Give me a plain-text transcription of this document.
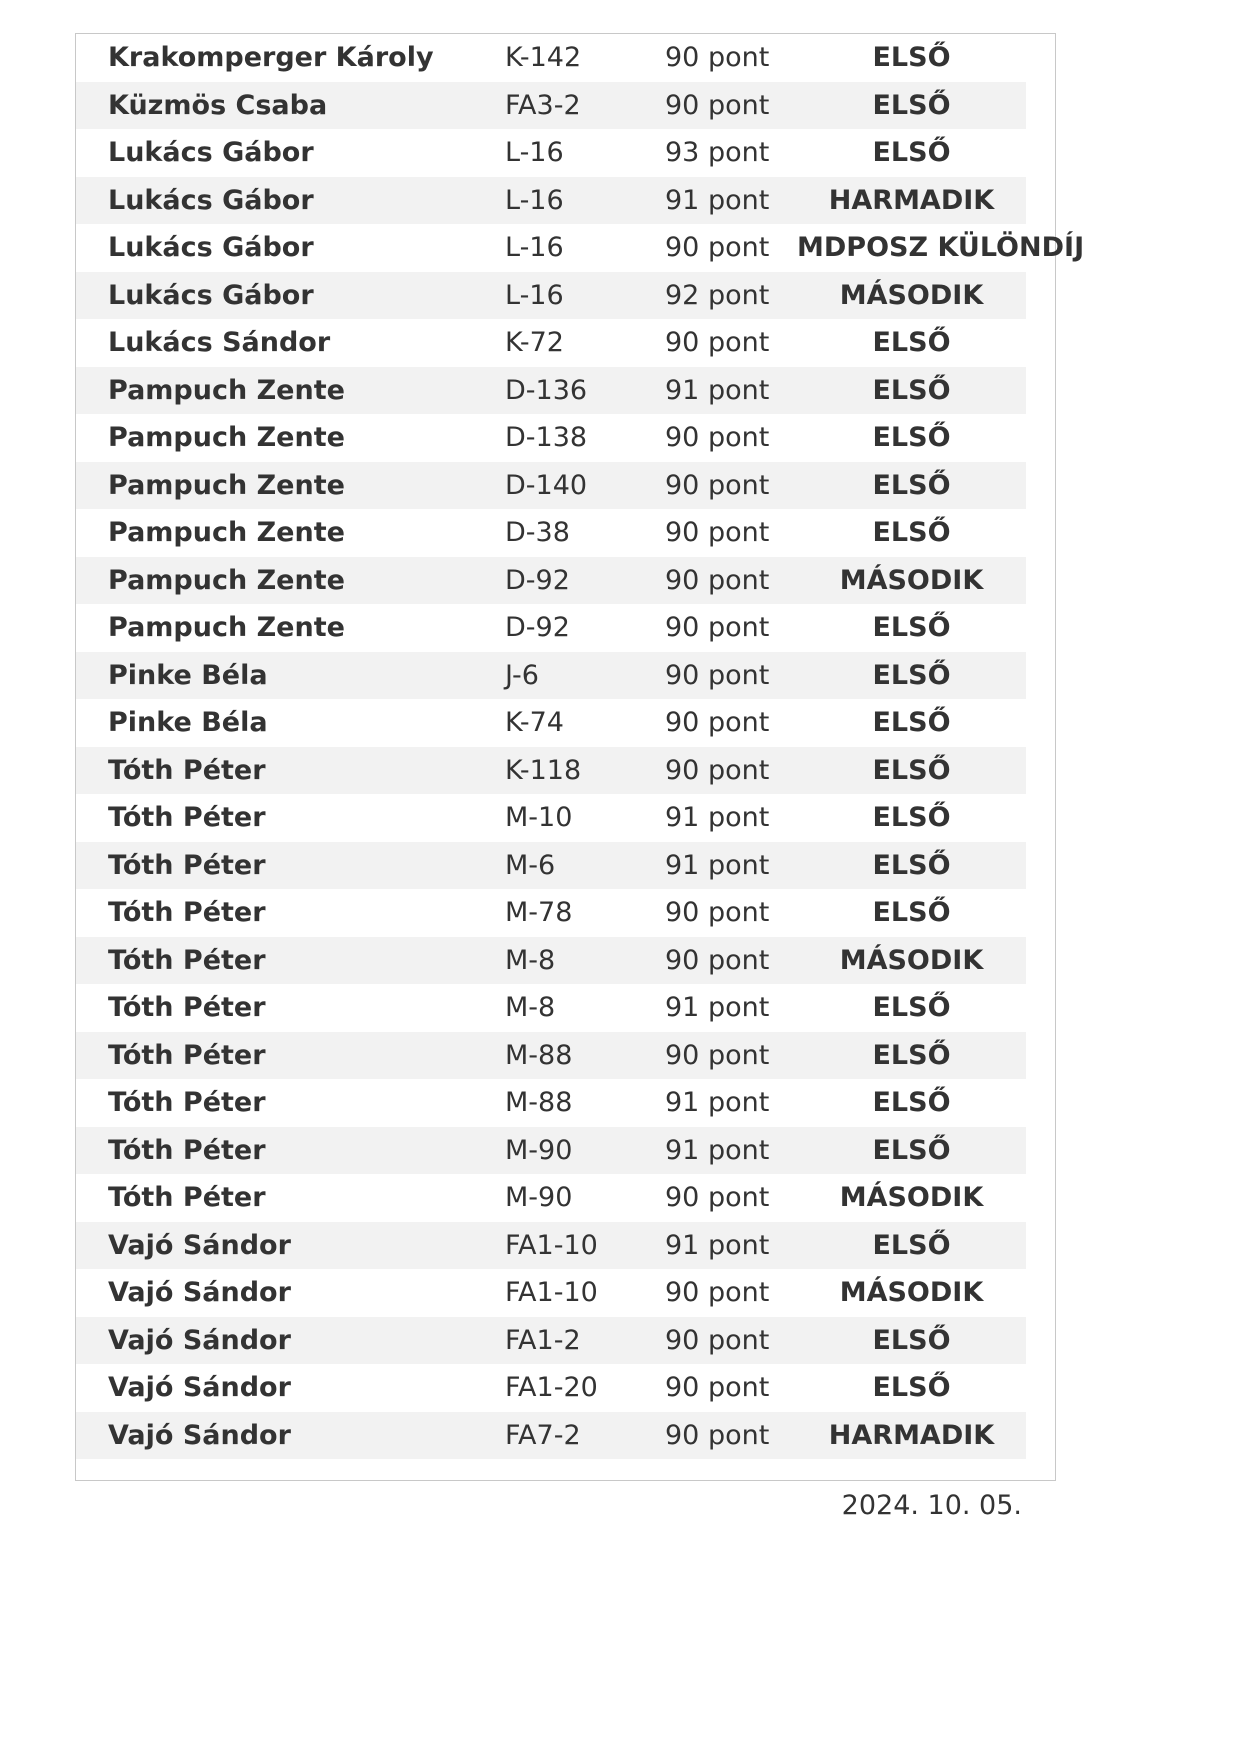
Krakomperger Károly	K-142	90 pont	ELSŐ
Küzmös Csaba	FA3-2	90 pont	ELSŐ
Lukács Gábor	L-16	93 pont	ELSŐ
Lukács Gábor	L-16	91 pont	HARMADIK
Lukács Gábor	L-16	90 pont	MDPOSZ KÜLÖNDÍJ
Lukács Gábor	L-16	92 pont	MÁSODIK
Lukács Sándor	K-72	90 pont	ELSŐ
Pampuch Zente	D-136	91 pont	ELSŐ
Pampuch Zente	D-138	90 pont	ELSŐ
Pampuch Zente	D-140	90 pont	ELSŐ
Pampuch Zente	D-38	90 pont	ELSŐ
Pampuch Zente	D-92	90 pont	MÁSODIK
Pampuch Zente	D-92	90 pont	ELSŐ
Pinke Béla	J-6	90 pont	ELSŐ
Pinke Béla	K-74	90 pont	ELSŐ
Tóth Péter	K-118	90 pont	ELSŐ
Tóth Péter	M-10	91 pont	ELSŐ
Tóth Péter	M-6	91 pont	ELSŐ
Tóth Péter	M-78	90 pont	ELSŐ
Tóth Péter	M-8	90 pont	MÁSODIK
Tóth Péter	M-8	91 pont	ELSŐ
Tóth Péter	M-88	90 pont	ELSŐ
Tóth Péter	M-88	91 pont	ELSŐ
Tóth Péter	M-90	91 pont	ELSŐ
Tóth Péter	M-90	90 pont	MÁSODIK
Vajó Sándor	FA1-10	91 pont	ELSŐ
Vajó Sándor	FA1-10	90 pont	MÁSODIK
Vajó Sándor	FA1-2	90 pont	ELSŐ
Vajó Sándor	FA1-20	90 pont	ELSŐ
Vajó Sándor	FA7-2	90 pont	HARMADIK
2024. 10. 05.
